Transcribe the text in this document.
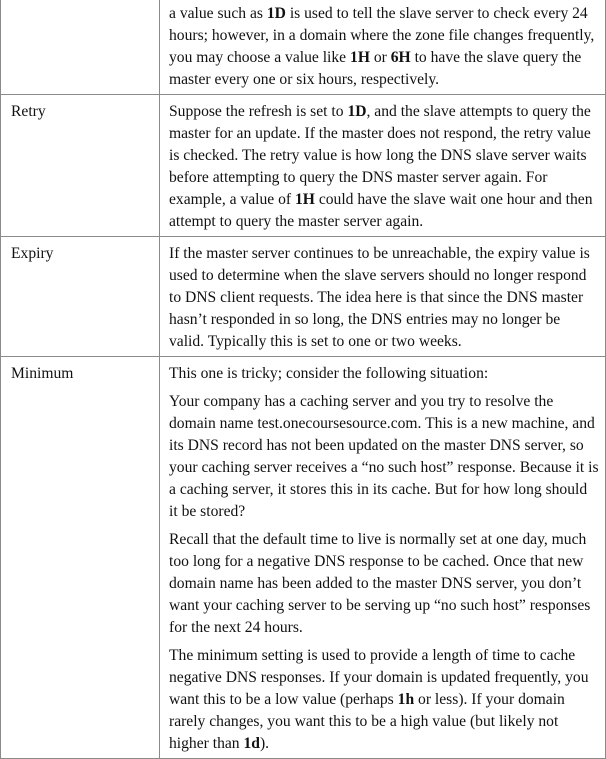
	a value such as 1D is used to tell the slave server to check every 24 hours; however, in a domain where the zone file changes frequently, you may choose a value like 1H or 6H to have the slave query the master every one or six hours, respectively.

Retry	Suppose the refresh is set to 1D, and the slave attempts to query the master for an update. If the master does not respond, the retry value is checked. The retry value is how long the DNS slave server waits before attempting to query the DNS master server again. For example, a value of 1H could have the slave wait one hour and then attempt to query the master server again.

Expiry	If the master server continues to be unreachable, the expiry value is used to determine when the slave servers should no longer respond to DNS client requests. The idea here is that since the DNS master hasn’t responded in so long, the DNS entries may no longer be valid. Typically this is set to one or two weeks.

Minimum	This one is tricky; consider the following situation:

Your company has a caching server and you try to resolve the domain name test.onecoursesource.com. This is a new machine, and its DNS record has not been updated on the master DNS server, so your caching server receives a “no such host” response. Because it is a caching server, it stores this in its cache. But for how long should it be stored?

Recall that the default time to live is normally set at one day, much too long for a negative DNS response to be cached. Once that new domain name has been added to the master DNS server, you don’t want your caching server to be serving up “no such host” responses for the next 24 hours.

The minimum setting is used to provide a length of time to cache negative DNS responses. If your domain is updated frequently, you want this to be a low value (perhaps 1h or less). If your domain rarely changes, you want this to be a high value (but likely not higher than 1d).
